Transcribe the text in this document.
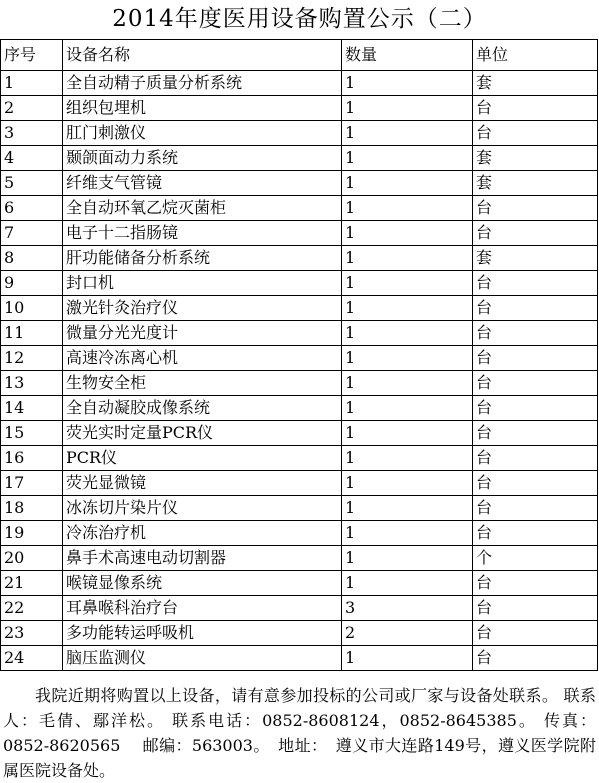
2014年度医用设备购置公示（二）
序号	设备名称	数量	单位
1	全自动精子质量分析系统	1	套
2	组织包埋机	1	台
3	肛门刺激仪	1	台
4	颞颌面动力系统	1	套
5	纤维支气管镜	1	套
6	全自动环氧乙烷灭菌柜	1	台
7	电子十二指肠镜	1	台
8	肝功能储备分析系统	1	套
9	封口机	1	台
10	激光针灸治疗仪	1	台
11	微量分光光度计	1	台
12	高速冷冻离心机	1	台
13	生物安全柜	1	台
14	全自动凝胶成像系统	1	台
15	荧光实时定量PCR仪	1	台
16	PCR仪	1	台
17	荧光显微镜	1	台
18	冰冻切片染片仪	1	台
19	冷冻治疗机	1	台
20	鼻手术高速电动切割器	1	个
21	喉镜显像系统	1	台
22	耳鼻喉科治疗台	3	台
23	多功能转运呼吸机	2	台
24	脑压监测仪	1	台
我院近期将购置以上设备，请有意参加投标的公司或厂家与设备处联系。 联系人：毛倩、鄢洋松。 联系电话：0852-8608124，0852-8645385。 传真：0852-8620565　 邮编：563003。　地址：　遵义市大连路149号，遵义医学院附属医院设备处。
